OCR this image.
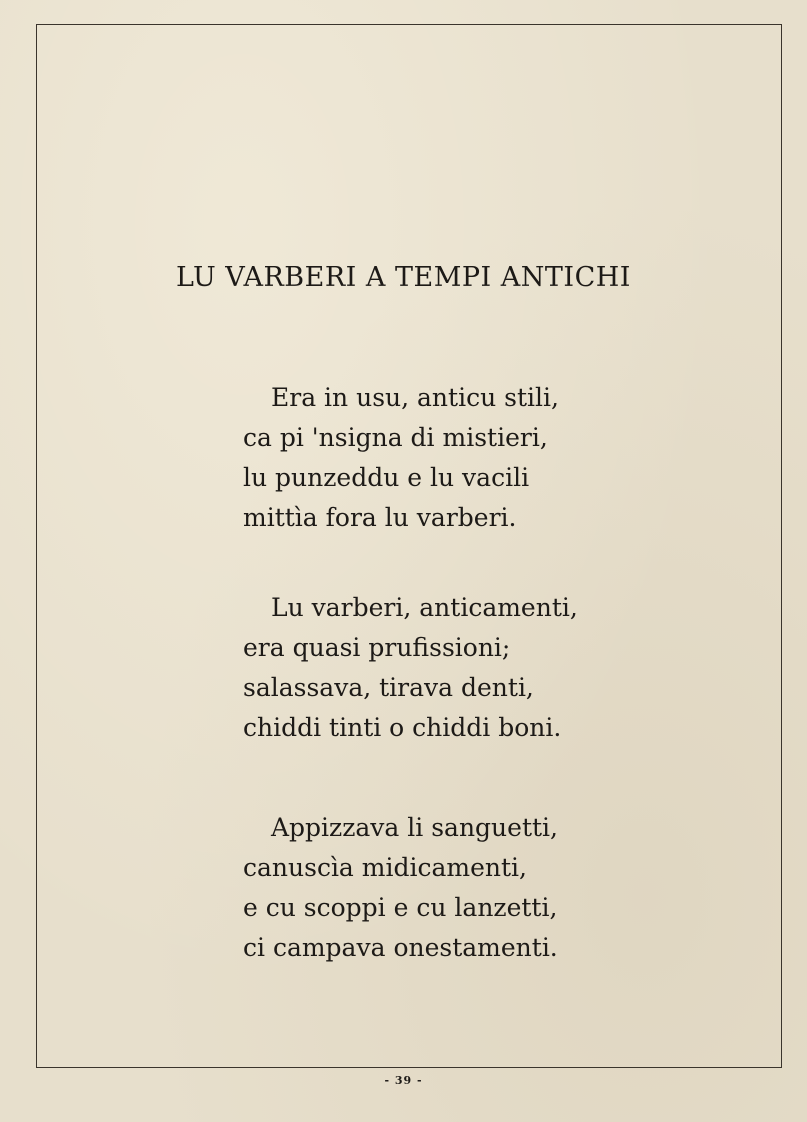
LU VARBERI A TEMPI ANTICHI
Era in usu, anticu stili,
ca pi 'nsigna di mistieri,
lu punzeddu e lu vacili
mittìa fora lu varberi.
Lu varberi, anticamenti,
era quasi prufissioni;
salassava, tirava denti,
chiddi tinti o chiddi boni.
Appizzava li sanguetti,
canuscìa midicamenti,
e cu scoppi e cu lanzetti,
ci campava onestamenti.
- 39 -
